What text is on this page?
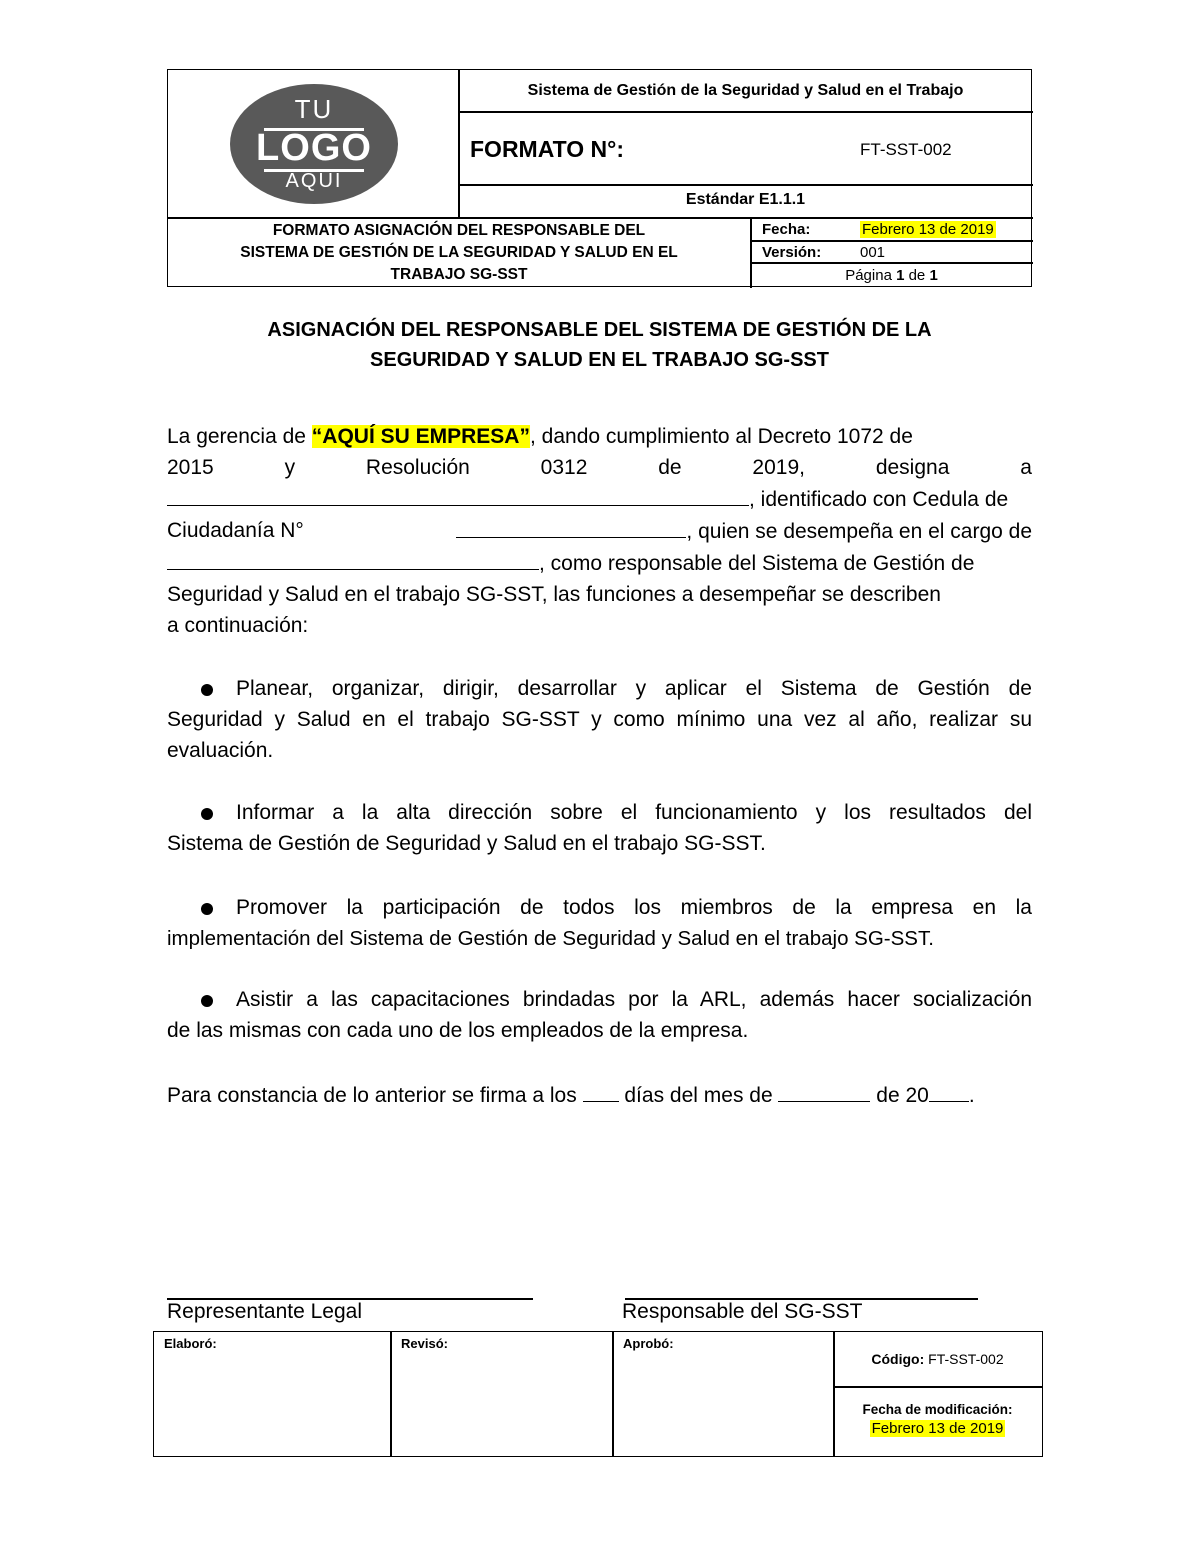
TU
LOGO
AQUI
Sistema de Gestión de la Seguridad y Salud en el Trabajo
FORMATO N°:	FT-SST-002
Estándar E1.1.1
FORMATO ASIGNACIÓN DEL RESPONSABLE DEL
SISTEMA DE GESTIÓN DE LA SEGURIDAD Y SALUD EN EL
TRABAJO SG-SST
Fecha:	Febrero 13 de 2019
Versión:	001
Página 1 de 1
ASIGNACIÓN DEL RESPONSABLE DEL SISTEMA DE GESTIÓN DE LA
SEGURIDAD Y SALUD EN EL TRABAJO SG-SST
La gerencia de “AQUÍ SU EMPRESA”, dando cumplimiento al Decreto 1072 de
2015	y	Resolución	0312	de	2019,	designa	a
, identificado con Cedula de
Ciudadanía N°	, quien se desempeña en el cargo de
, como responsable del Sistema de Gestión de
Seguridad y Salud en el trabajo SG-SST, las funciones a desempeñar se describen
a continuación:
Planear, organizar, dirigir, desarrollar y aplicar el Sistema de Gestión de
Seguridad y Salud en el trabajo SG-SST y como mínimo una vez al año, realizar su
evaluación.
Informar a la alta dirección sobre el funcionamiento y los resultados del
Sistema de Gestión de Seguridad y Salud en el trabajo SG-SST.
Promover la participación de todos los miembros de la empresa en la
implementación del Sistema de Gestión de Seguridad y Salud en el trabajo SG-SST.
Asistir a las capacitaciones brindadas por la ARL, además hacer socialización
de las mismas con cada uno de los empleados de la empresa.
Para constancia de lo anterior se firma a los  días del mes de	de 20 .
Representante Legal	Responsable del SG-SST
Elaboró:	Revisó:	Aprobó:
Código: FT-SST-002
Fecha de modificación:
Febrero 13 de 2019
